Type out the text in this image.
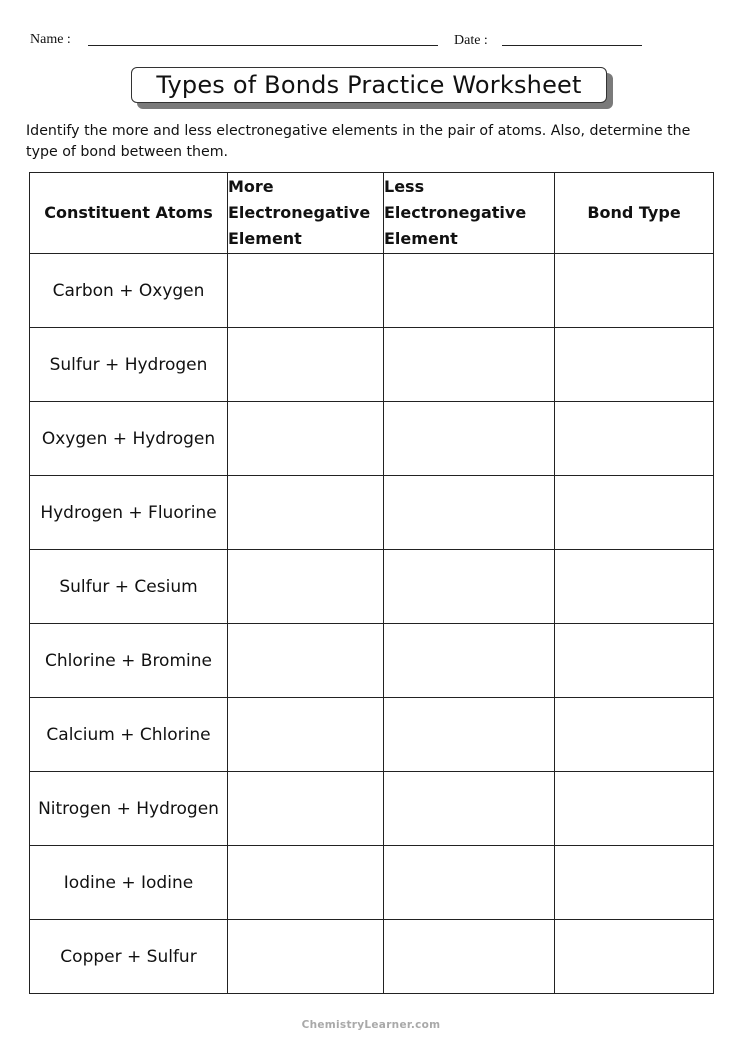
Name :	Date :
Types of Bonds Practice Worksheet
Identify the more and less electronegative elements in the pair of atoms. Also, determine the type of bond between them.
Constituent Atoms	More Electronegative Element	Less Electronegative Element	Bond Type
Carbon + Oxygen			
Sulfur + Hydrogen			
Oxygen + Hydrogen			
Hydrogen + Fluorine			
Sulfur + Cesium			
Chlorine + Bromine			
Calcium + Chlorine			
Nitrogen + Hydrogen			
Iodine + Iodine			
Copper + Sulfur			
ChemistryLearner.com
